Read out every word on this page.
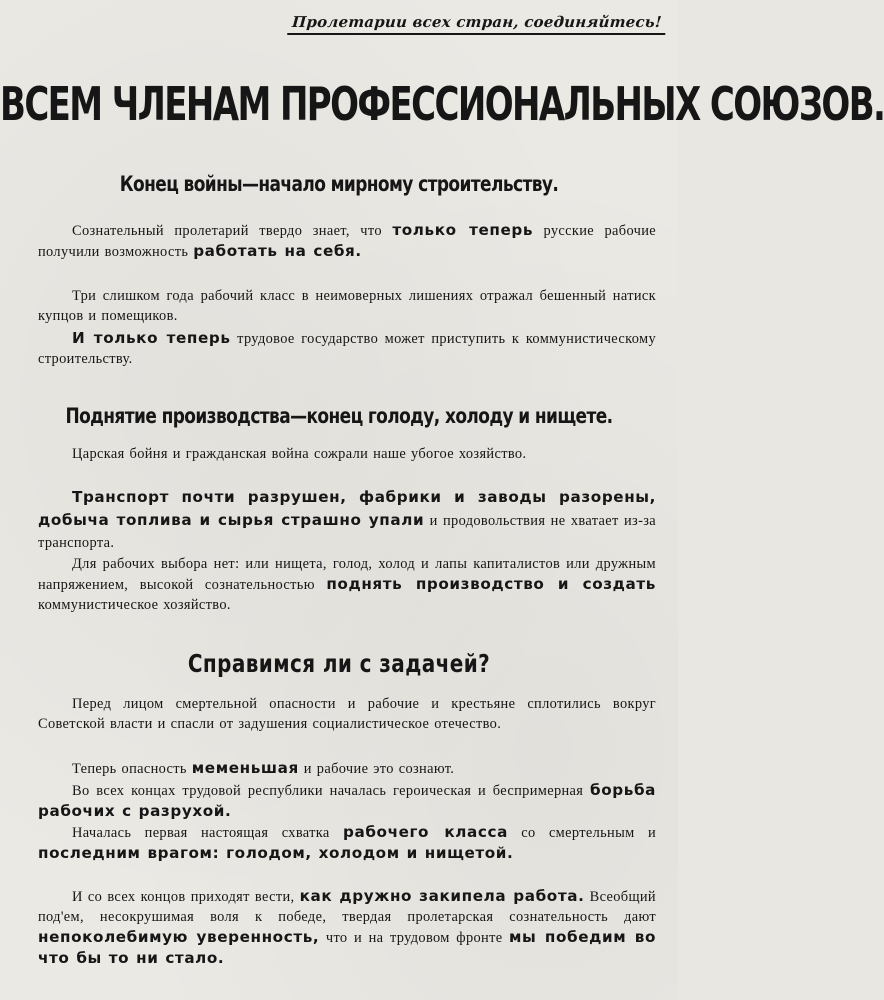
Пролетарии всех стран, соединяйтесь!
ВСЕМ ЧЛЕНАМ ПРОФЕССИОНАЛЬНЫХ СОЮЗОВ.
Конец войны—начало мирному строительству.
Сознательный пролетарий твердо знает, что только теперь русские рабочие получили возможность работать на себя.
Три слишком года рабочий класс в неимоверных лишениях отражал бешенный натиск купцов и помещиков.
И только теперь трудовое государство может приступить к коммунистическому строительству.
Поднятие производства—конец голоду, холоду и нищете.
Царская бойня и гражданская война сожрали наше убогое хозяйство.
Транспорт почти разрушен, фабрики и заводы разорены, добыча топлива и сырья страшно упали и продовольствия не хватает из-за транспорта.
Для рабочих выбора нет: или нищета, голод, холод и лапы капиталистов или дружным напряжением, высокой сознательностью поднять производство и создать коммунистическое хозяйство.
Справимся ли с задачей?
Перед лицом смертельной опасности и рабочие и крестьяне сплотились вокруг Советской власти и спасли от задушения социалистическое отечество.
Теперь опасность меменьшая и рабочие это сознают.
Во всех концах трудовой республики началась героическая и беспримерная борьба рабочих с разрухой.
Началась первая настоящая схватка рабочего класса со смертельным и последним врагом: голодом, холодом и нищетой.
И со всех концов приходят вести, как дружно закипела работа. Всеобщий под'ем, несокрушимая воля к победе, твердая пролетарская сознательность дают непоколебимую уверенность, что и на трудовом фронте мы победим во что бы то ни стало.
